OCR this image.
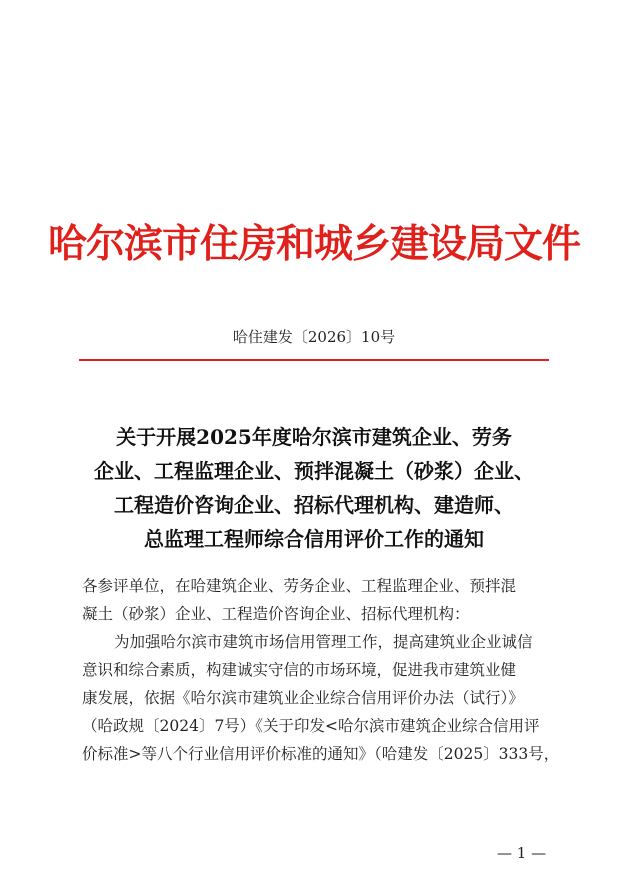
哈尔滨市住房和城乡建设局文件
哈住建发〔2026〕10号
关于开展2025年度哈尔滨市建筑企业、劳务
企业、工程监理企业、预拌混凝土（砂浆）企业、
工程造价咨询企业、招标代理机构、建造师、
总监理工程师综合信用评价工作的通知
各参评单位，在哈建筑企业、劳务企业、工程监理企业、预拌混
凝土（砂浆）企业、工程造价咨询企业、招标代理机构：
为加强哈尔滨市建筑市场信用管理工作，提高建筑业企业诚信
意识和综合素质，构建诚实守信的市场环境，促进我市建筑业健
康发展，依据《哈尔滨市建筑业企业综合信用评价办法（试行）》
（哈政规〔2024〕7号）《关于印发<哈尔滨市建筑企业综合信用评
价标准>等八个行业信用评价标准的通知》（哈建发〔2025〕333号，
— 1 —
